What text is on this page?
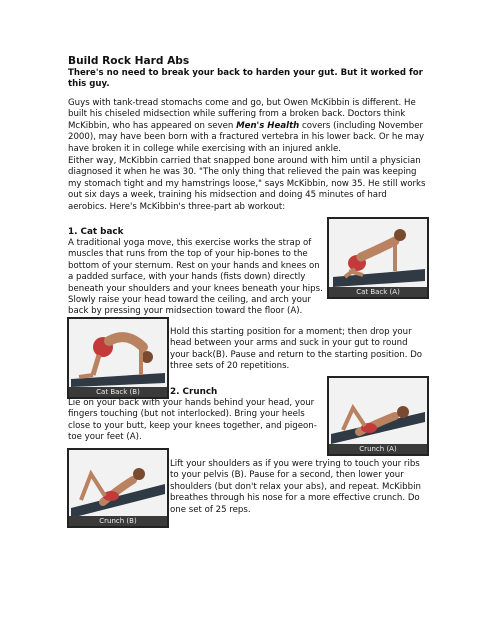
Build Rock Hard Abs
There's no need to break your back to harden your gut. But it worked for this guy.
Guys with tank-tread stomachs come and go, but Owen McKibbin is different. He built his chiseled midsection while suffering from a broken back. Doctors think McKibbin, who has appeared on seven Men's Health covers (including November 2000), may have been born with a fractured vertebra in his lower back. Or he may have broken it in college while exercising with an injured ankle.
Either way, McKibbin carried that snapped bone around with him until a physician diagnosed it when he was 30. "The only thing that relieved the pain was keeping my stomach tight and my hamstrings loose," says McKibbin, now 35. He still works out six days a week, training his midsection and doing 45 minutes of hard aerobics. Here's McKibbin's three-part ab workout:
1. Cat back
A traditional yoga move, this exercise works the strap of muscles that runs from the top of your hip-bones to the bottom of your sternum. Rest on your hands and knees on a padded surface, with your hands (fists down) directly beneath your shoulders and your knees beneath your hips. Slowly raise your head toward the ceiling, and arch your back by pressing your midsection toward the floor (A).
Cat Back (A)
Cat Back (B)
Hold this starting position for a moment; then drop your head between your arms and suck in your gut to round your back(B). Pause and return to the starting position. Do three sets of 20 repetitions.
2. Crunch
Lie on your back with your hands behind your head, your fingers touching (but not interlocked). Bring your heels close to your butt, keep your knees together, and pigeon-toe your feet (A).
Crunch (A)
Crunch (B)
Lift your shoulders as if you were trying to touch your ribs to your pelvis (B). Pause for a second, then lower your shoulders (but don't relax your abs), and repeat. McKibbin breathes through his nose for a more effective crunch. Do one set of 25 reps.
